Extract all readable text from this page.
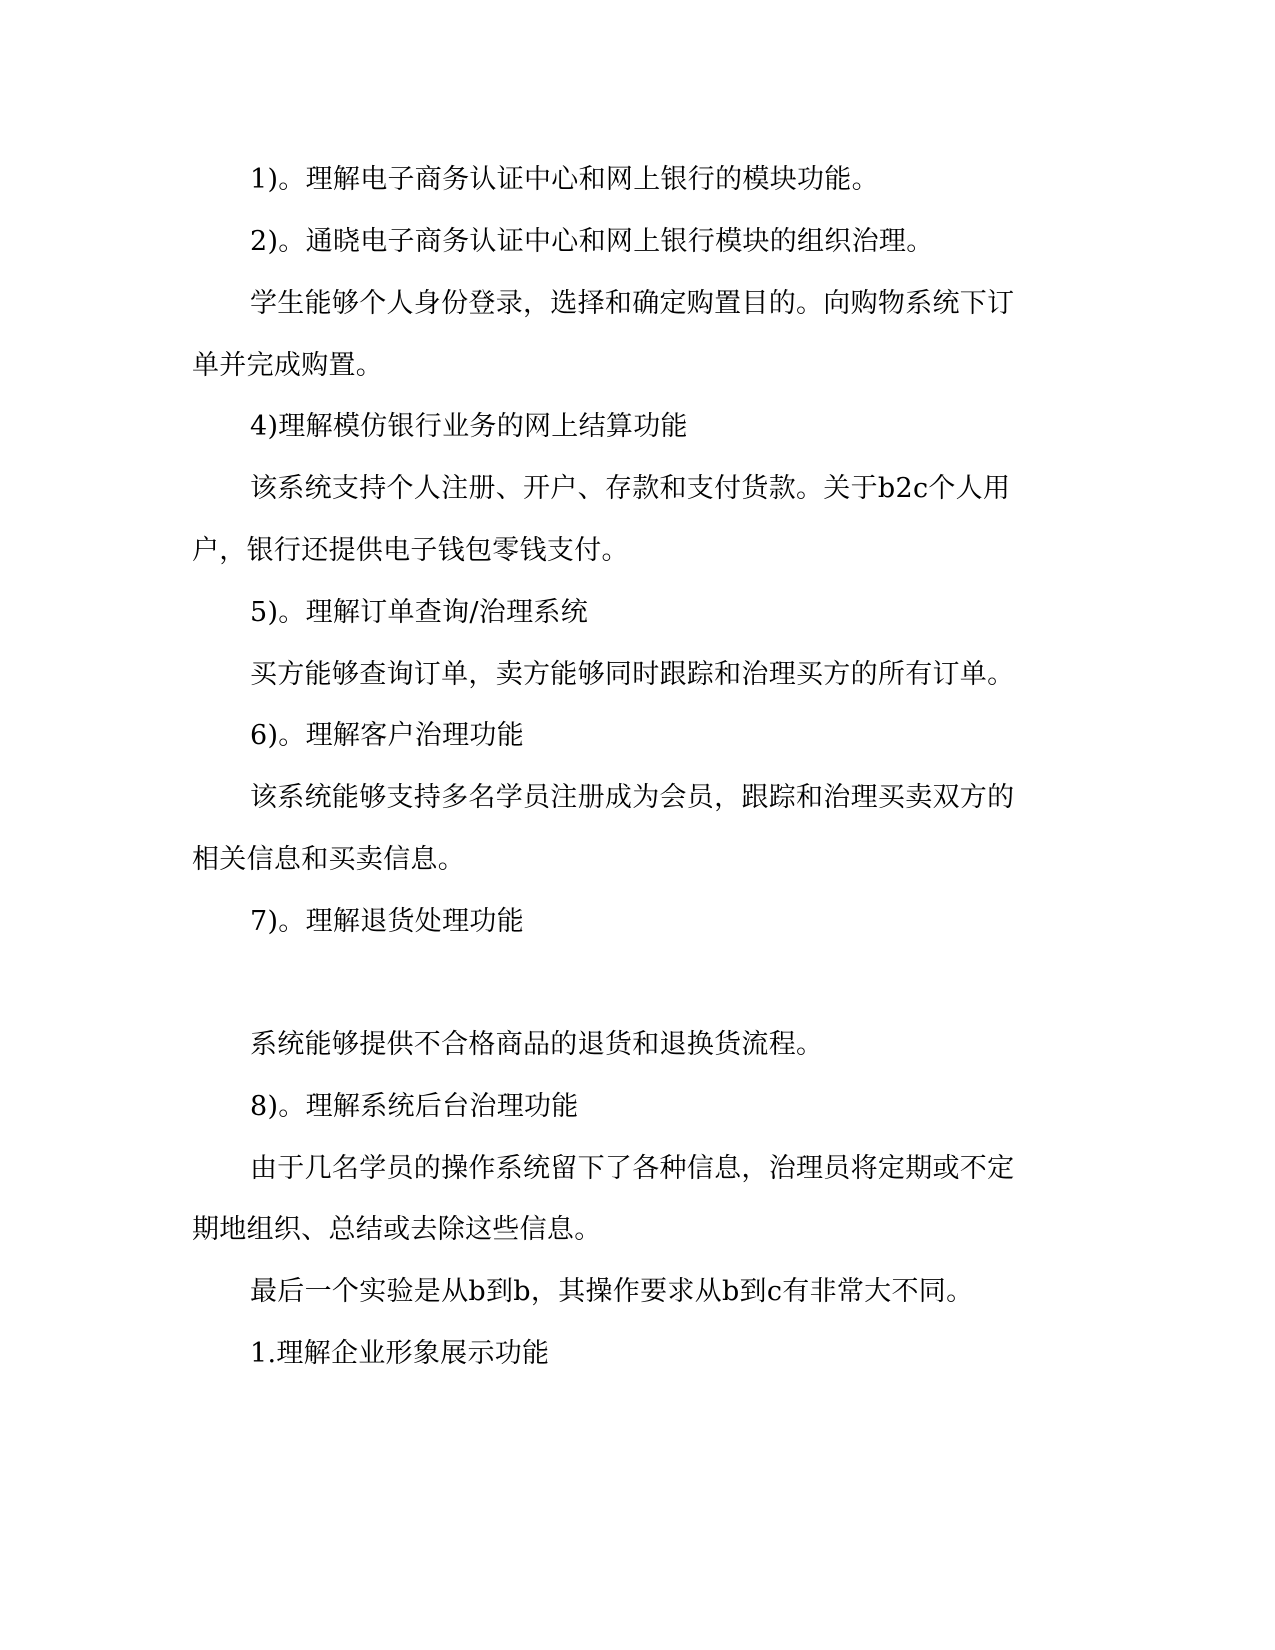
1)。理解电子商务认证中心和网上银行的模块功能。
2)。通晓电子商务认证中心和网上银行模块的组织治理。
学生能够个人身份登录，选择和确定购置目的。向购物系统下订
单并完成购置。
4)理解模仿银行业务的网上结算功能
该系统支持个人注册、开户、存款和支付货款。关于b2c个人用
户，银行还提供电子钱包零钱支付。
5)。理解订单查询/治理系统
买方能够查询订单，卖方能够同时跟踪和治理买方的所有订单。
6)。理解客户治理功能
该系统能够支持多名学员注册成为会员，跟踪和治理买卖双方的
相关信息和买卖信息。
7)。理解退货处理功能
系统能够提供不合格商品的退货和退换货流程。
8)。理解系统后台治理功能
由于几名学员的操作系统留下了各种信息，治理员将定期或不定
期地组织、总结或去除这些信息。
最后一个实验是从b到b，其操作要求从b到c有非常大不同。
1.理解企业形象展示功能
